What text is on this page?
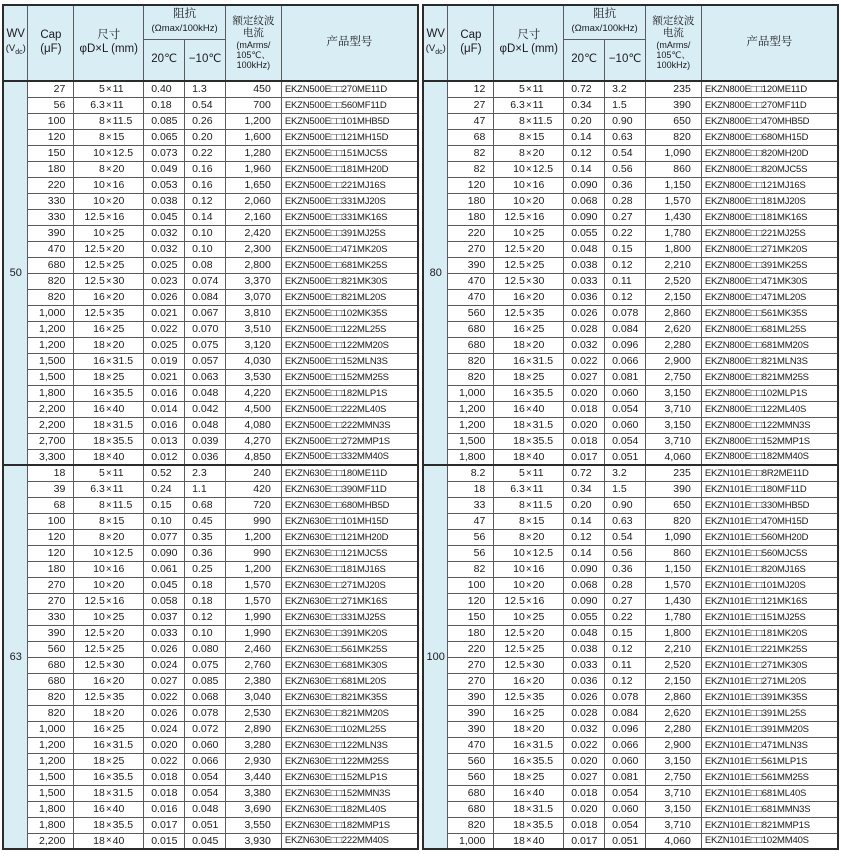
WV
$(V_{dc})$	Cap
(μF)	尺寸
φD×L (mm)	阻抗
(Ωmax/100kHz)		额定纹波
电流
(mArms/
105℃、
100kHz)	产品型号
			20℃	−10℃		
50	27	5 × 11	0.40	1.3	450	EKZN500E□□270ME11D
	56	6.3 × 11	0.18	0.54	700	EKZN500E□□560MF11D
	100	8 × 11.5	0.085	0.26	1,200	EKZN500E□□101MHB5D
	120	8 × 15	0.065	0.20	1,600	EKZN500E□□121MH15D
	150	10 × 12.5	0.073	0.22	1,280	EKZN500E□□151MJC5S
	180	8 × 20	0.049	0.16	1,960	EKZN500E□□181MH20D
	220	10 × 16	0.053	0.16	1,650	EKZN500E□□221MJ16S
	330	10 × 20	0.038	0.12	2,060	EKZN500E□□331MJ20S
	330	12.5 × 16	0.045	0.14	2,160	EKZN500E□□331MK16S
	390	10 × 25	0.032	0.10	2,420	EKZN500E□□391MJ25S
	470	12.5 × 20	0.032	0.10	2,300	EKZN500E□□471MK20S
	680	12.5 × 25	0.025	0.08	2,800	EKZN500E□□681MK25S
	820	12.5 × 30	0.023	0.074	3,370	EKZN500E□□821MK30S
	820	16 × 20	0.026	0.084	3,070	EKZN500E□□821ML20S
	1,000	12.5 × 35	0.021	0.067	3,810	EKZN500E□□102MK35S
	1,200	16 × 25	0.022	0.070	3,510	EKZN500E□□122ML25S
	1,200	18 × 20	0.025	0.075	3,120	EKZN500E□□122MM20S
	1,500	16 × 31.5	0.019	0.057	4,030	EKZN500E□□152MLN3S
	1,500	18 × 25	0.021	0.063	3,530	EKZN500E□□152MM25S
	1,800	16 × 35.5	0.016	0.048	4,220	EKZN500E□□182MLP1S
	2,200	16 × 40	0.014	0.042	4,500	EKZN500E□□222ML40S
	2,200	18 × 31.5	0.016	0.048	4,080	EKZN500E□□222MMN3S
	2,700	18 × 35.5	0.013	0.039	4,270	EKZN500E□□272MMP1S
	3,300	18 × 40	0.012	0.036	4,850	EKZN500E□□332MM40S
63	18	5 × 11	0.52	2.3	240	EKZN630E□□180ME11D
	39	6.3 × 11	0.24	1.1	420	EKZN630E□□390MF11D
	68	8 × 11.5	0.15	0.68	720	EKZN630E□□680MHB5D
	100	8 × 15	0.10	0.45	990	EKZN630E□□101MH15D
	120	8 × 20	0.077	0.35	1,200	EKZN630E□□121MH20D
	120	10 × 12.5	0.090	0.36	990	EKZN630E□□121MJC5S
	180	10 × 16	0.061	0.25	1,200	EKZN630E□□181MJ16S
	270	10 × 20	0.045	0.18	1,570	EKZN630E□□271MJ20S
	270	12.5 × 16	0.058	0.18	1,570	EKZN630E□□271MK16S
	330	10 × 25	0.037	0.12	1,990	EKZN630E□□331MJ25S
	390	12.5 × 20	0.033	0.10	1,990	EKZN630E□□391MK20S
	560	12.5 × 25	0.026	0.080	2,460	EKZN630E□□561MK25S
	680	12.5 × 30	0.024	0.075	2,760	EKZN630E□□681MK30S
	680	16 × 20	0.027	0.085	2,380	EKZN630E□□681ML20S
	820	12.5 × 35	0.022	0.068	3,040	EKZN630E□□821MK35S
	820	18 × 20	0.026	0.078	2,530	EKZN630E□□821MM20S
	1,000	16 × 25	0.024	0.072	2,890	EKZN630E□□102ML25S
	1,200	16 × 31.5	0.020	0.060	3,280	EKZN630E□□122MLN3S
	1,200	18 × 25	0.022	0.066	2,930	EKZN630E□□122MM25S
	1,500	16 × 35.5	0.018	0.054	3,440	EKZN630E□□152MLP1S
	1,500	18 × 31.5	0.018	0.054	3,380	EKZN630E□□152MMN3S
	1,800	16 × 40	0.016	0.048	3,690	EKZN630E□□182ML40S
	1,800	18 × 35.5	0.017	0.051	3,550	EKZN630E□□182MMP1S
	2,200	18 × 40	0.015	0.045	3,930	EKZN630E□□222MM40S
WV
$(V_{dc})$	Cap
(μF)	尺寸
φD×L (mm)	阻抗
(Ωmax/100kHz)		额定纹波
电流
(mArms/
105℃、
100kHz)	产品型号
			20℃	−10℃		
80	12	5 × 11	0.72	3.2	235	EKZN800E□□120ME11D
	27	6.3 × 11	0.34	1.5	390	EKZN800E□□270MF11D
	47	8 × 11.5	0.20	0.90	650	EKZN800E□□470MHB5D
	68	8 × 15	0.14	0.63	820	EKZN800E□□680MH15D
	82	8 × 20	0.12	0.54	1,090	EKZN800E□□820MH20D
	82	10 × 12.5	0.14	0.56	860	EKZN800E□□820MJC5S
	120	10 × 16	0.090	0.36	1,150	EKZN800E□□121MJ16S
	180	10 × 20	0.068	0.28	1,570	EKZN800E□□181MJ20S
	180	12.5 × 16	0.090	0.27	1,430	EKZN800E□□181MK16S
	220	10 × 25	0.055	0.22	1,780	EKZN800E□□221MJ25S
	270	12.5 × 20	0.048	0.15	1,800	EKZN800E□□271MK20S
	390	12.5 × 25	0.038	0.12	2,210	EKZN800E□□391MK25S
	470	12.5 × 30	0.033	0.11	2,520	EKZN800E□□471MK30S
	470	16 × 20	0.036	0.12	2,150	EKZN800E□□471ML20S
	560	12.5 × 35	0.026	0.078	2,860	EKZN800E□□561MK35S
	680	16 × 25	0.028	0.084	2,620	EKZN800E□□681ML25S
	680	18 × 20	0.032	0.096	2,280	EKZN800E□□681MM20S
	820	16 × 31.5	0.022	0.066	2,900	EKZN800E□□821MLN3S
	820	18 × 25	0.027	0.081	2,750	EKZN800E□□821MM25S
	1,000	16 × 35.5	0.020	0.060	3,150	EKZN800E□□102MLP1S
	1,200	16 × 40	0.018	0.054	3,710	EKZN800E□□122ML40S
	1,200	18 × 31.5	0.020	0.060	3,150	EKZN800E□□122MMN3S
	1,500	18 × 35.5	0.018	0.054	3,710	EKZN800E□□152MMP1S
	1,800	18 × 40	0.017	0.051	4,060	EKZN800E□□182MM40S
100	8.2	5 × 11	0.72	3.2	235	EKZN101E□□8R2ME11D
	18	6.3 × 11	0.34	1.5	390	EKZN101E□□180MF11D
	33	8 × 11.5	0.20	0.90	650	EKZN101E□□330MHB5D
	47	8 × 15	0.14	0.63	820	EKZN101E□□470MH15D
	56	8 × 20	0.12	0.54	1,090	EKZN101E□□560MH20D
	56	10 × 12.5	0.14	0.56	860	EKZN101E□□560MJC5S
	82	10 × 16	0.090	0.36	1,150	EKZN101E□□820MJ16S
	100	10 × 20	0.068	0.28	1,570	EKZN101E□□101MJ20S
	120	12.5 × 16	0.090	0.27	1,430	EKZN101E□□121MK16S
	150	10 × 25	0.055	0.22	1,780	EKZN101E□□151MJ25S
	180	12.5 × 20	0.048	0.15	1,800	EKZN101E□□181MK20S
	220	12.5 × 25	0.038	0.12	2,210	EKZN101E□□221MK25S
	270	12.5 × 30	0.033	0.11	2,520	EKZN101E□□271MK30S
	270	16 × 20	0.036	0.12	2,150	EKZN101E□□271ML20S
	390	12.5 × 35	0.026	0.078	2,860	EKZN101E□□391MK35S
	390	16 × 25	0.028	0.084	2,620	EKZN101E□□391ML25S
	390	18 × 20	0.032	0.096	2,280	EKZN101E□□391MM20S
	470	16 × 31.5	0.022	0.066	2,900	EKZN101E□□471MLN3S
	560	16 × 35.5	0.020	0.060	3,150	EKZN101E□□561MLP1S
	560	18 × 25	0.027	0.081	2,750	EKZN101E□□561MM25S
	680	16 × 40	0.018	0.054	3,710	EKZN101E□□681ML40S
	680	18 × 31.5	0.020	0.060	3,150	EKZN101E□□681MMN3S
	820	18 × 35.5	0.018	0.054	3,710	EKZN101E□□821MMP1S
	1,000	18 × 40	0.017	0.051	4,060	EKZN101E□□102MM40S
